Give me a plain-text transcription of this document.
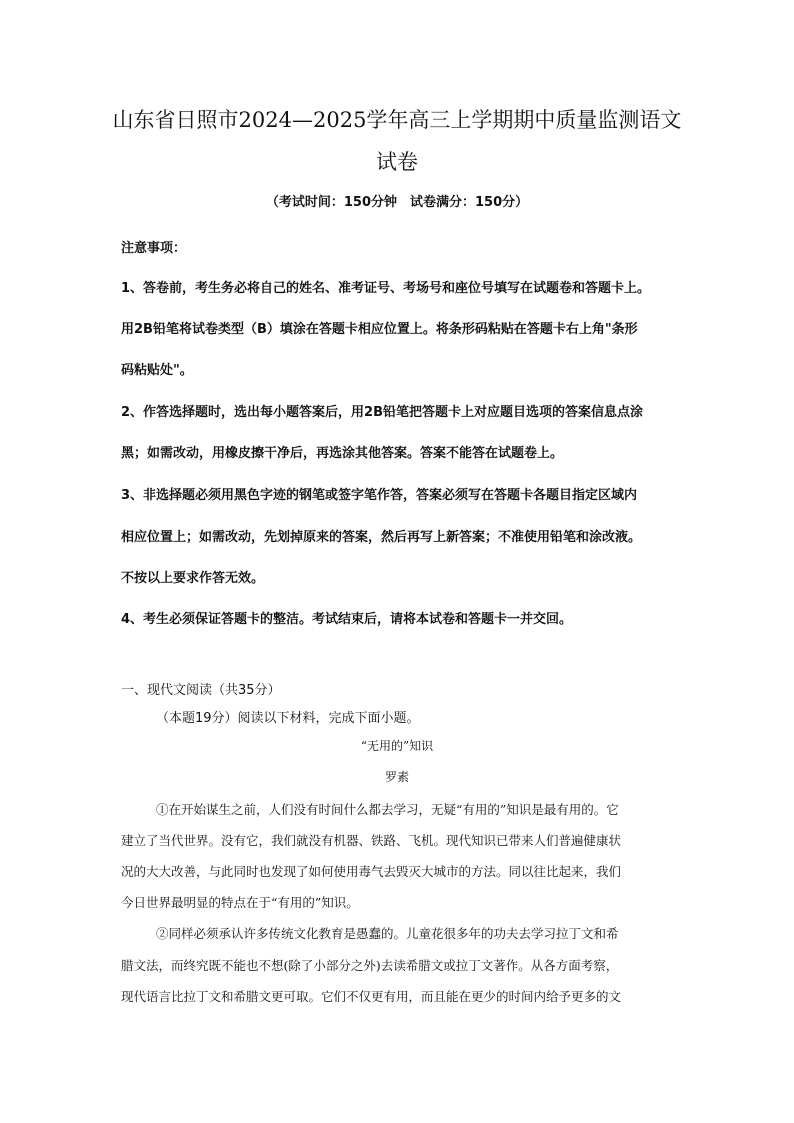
山东省日照市2024—2025学年高三上学期期中质量监测语文
试卷
（考试时间：150分钟　试卷满分：150分）
注意事项：
1、答卷前，考生务必将自己的姓名、准考证号、考场号和座位号填写在试题卷和答题卡上。
用2B铅笔将试卷类型（B）填涂在答题卡相应位置上。将条形码粘贴在答题卡右上角"条形
码粘贴处"。
2、作答选择题时，选出每小题答案后，用2B铅笔把答题卡上对应题目选项的答案信息点涂
黑；如需改动，用橡皮擦干净后，再选涂其他答案。答案不能答在试题卷上。
3、非选择题必须用黑色字迹的钢笔或签字笔作答，答案必须写在答题卡各题目指定区域内
相应位置上；如需改动，先划掉原来的答案，然后再写上新答案；不准使用铅笔和涂改液。
不按以上要求作答无效。
4、考生必须保证答题卡的整洁。考试结束后，请将本试卷和答题卡一并交回。
一、现代文阅读（共35分）
（本题19分）阅读以下材料，完成下面小题。
“无用的”知识
罗素
①在开始谋生之前，人们没有时间什么都去学习，无疑“有用的”知识是最有用的。它
建立了当代世界。没有它，我们就没有机器、铁路、飞机。现代知识已带来人们普遍健康状
况的大大改善，与此同时也发现了如何使用毒气去毁灭大城市的方法。同以往比起来，我们
今日世界最明显的特点在于“有用的”知识。
②同样必须承认许多传统文化教育是愚蠢的。儿童花很多年的功夫去学习拉丁文和希
腊文法，而终究既不能也不想(除了小部分之外)去读希腊文或拉丁文著作。从各方面考察，
现代语言比拉丁文和希腊文更可取。它们不仅更有用，而且能在更少的时间内给予更多的文
